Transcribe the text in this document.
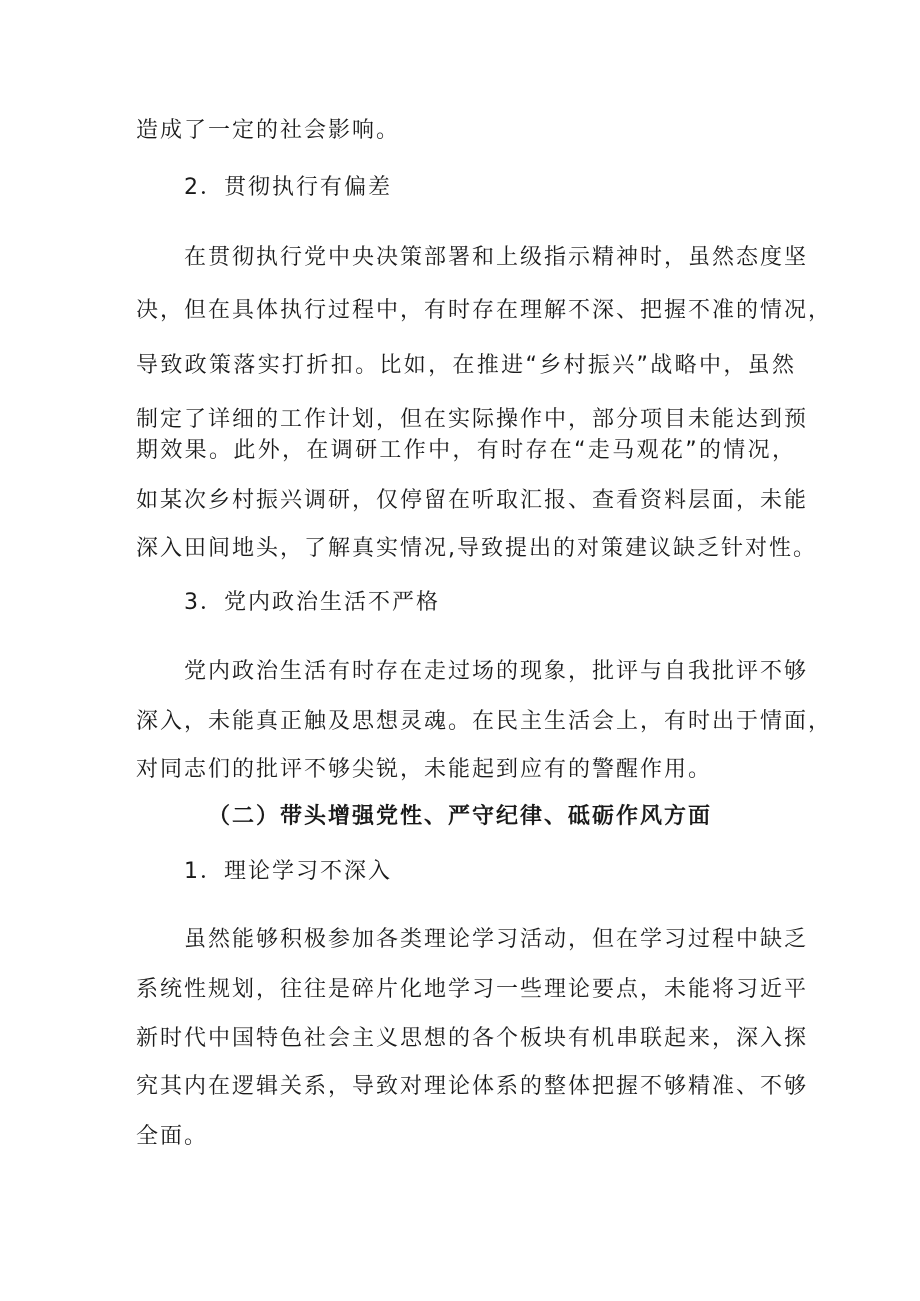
造成了一定的社会影响。
2．贯彻执行有偏差
在贯彻执行党中央决策部署和上级指示精神时，虽然态度坚
决，但在具体执行过程中，有时存在理解不深、把握不准的情况，
导致政策落实打折扣。比如，在推进“乡村振兴”战略中，虽然
制定了详细的工作计划，但在实际操作中，部分项目未能达到预
期效果。此外，在调研工作中，有时存在“走马观花”的情况，
如某次乡村振兴调研，仅停留在听取汇报、查看资料层面，未能
深入田间地头，了解真实情况,导致提出的对策建议缺乏针对性。
3．党内政治生活不严格
党内政治生活有时存在走过场的现象，批评与自我批评不够
深入，未能真正触及思想灵魂。在民主生活会上，有时出于情面，
对同志们的批评不够尖锐，未能起到应有的警醒作用。
（二）带头增强党性、严守纪律、砥砺作风方面
1．理论学习不深入
虽然能够积极参加各类理论学习活动，但在学习过程中缺乏
系统性规划，往往是碎片化地学习一些理论要点，未能将习近平
新时代中国特色社会主义思想的各个板块有机串联起来，深入探
究其内在逻辑关系，导致对理论体系的整体把握不够精准、不够
全面。
